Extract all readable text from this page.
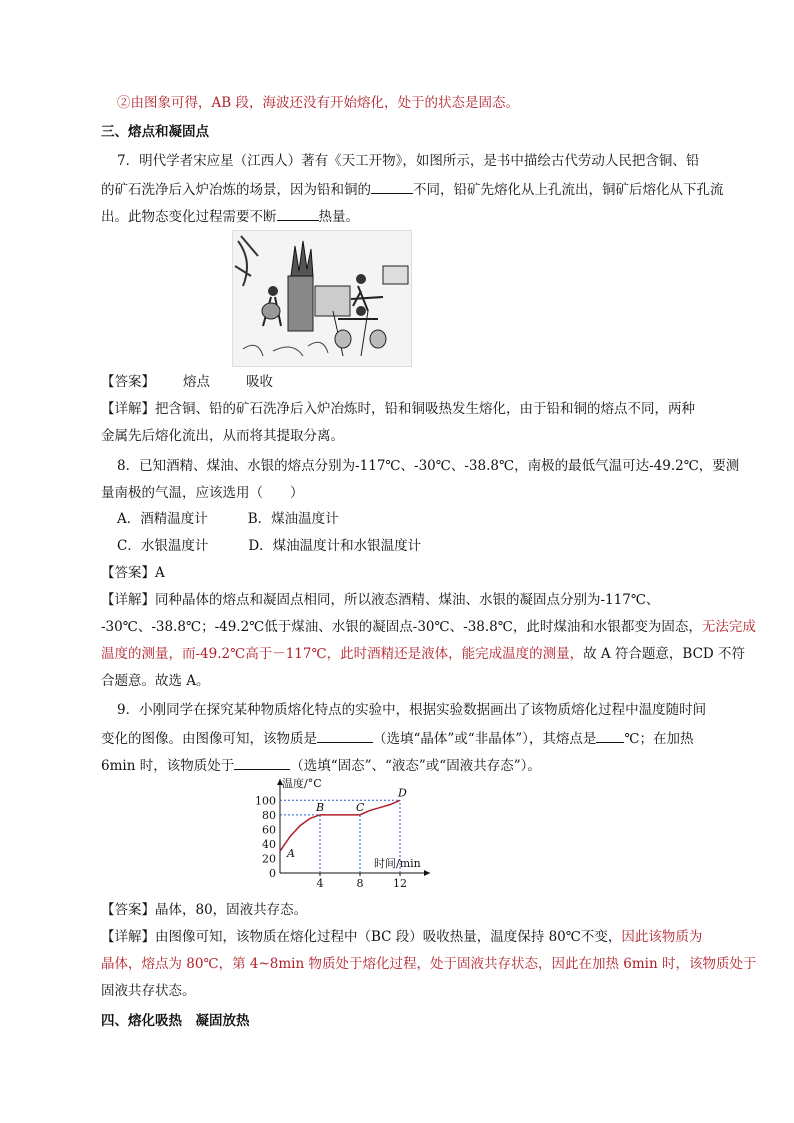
②由图象可得，AB 段，海波还没有开始熔化，处于的状态是固态。
三、熔点和凝固点
7．明代学者宋应星（江西人）著有《天工开物》，如图所示，是书中描绘古代劳动人民把含铜、铅
的矿石洗净后入炉冶炼的场景，因为铅和铜的	不同，铅矿先熔化从上孔流出，铜矿后熔化从下孔流
出。此物态变化过程需要不断	热量。
【答案】 熔点	吸收
【详解】把含铜、铅的矿石洗净后入炉冶炼时，铅和铜吸热发生熔化，由于铅和铜的熔点不同，两种
金属先后熔化流出，从而将其提取分离。
8．已知酒精、煤油、水银的熔点分别为-117℃、-30℃、-38.8℃，南极的最低气温可达-49.2℃，要测
量南极的气温，应该选用（　　）
A．酒精温度计	B．煤油温度计
C．水银温度计	D．煤油温度计和水银温度计
【答案】A
【详解】同种晶体的熔点和凝固点相同，所以液态酒精、煤油、水银的凝固点分别为-117℃、
-30℃、-38.8℃；-49.2℃低于煤油、水银的凝固点-30℃、-38.8℃，此时煤油和水银都变为固态，无法完成
温度的测量，而-49.2℃高于－117℃，此时酒精还是液体，能完成温度的测量，故 A 符合题意，BCD 不符
合题意。故选 A。
9．小刚同学在探究某种物质熔化特点的实验中，根据实验数据画出了该物质熔化过程中温度随时间
变化的图像。由图像可知，该物质是	（选填“晶体”或“非晶体”），其熔点是 ℃；在加热
6min 时，该物质处于	（选填“固态”、“液态”或“固液共存态”）。
0
20
40
60
80
100
4	8	12
温度/°C
时间/min
A
B	C
D
【答案】晶体，80，固液共存态。
【详解】由图像可知，该物质在熔化过程中（BC 段）吸收热量，温度保持 80℃不变，因此该物质为
晶体，熔点为 80℃，第 4~8min 物质处于熔化过程，处于固液共存状态，因此在加热 6min 时，该物质处于
固液共存状态。
四、熔化吸热　凝固放热
